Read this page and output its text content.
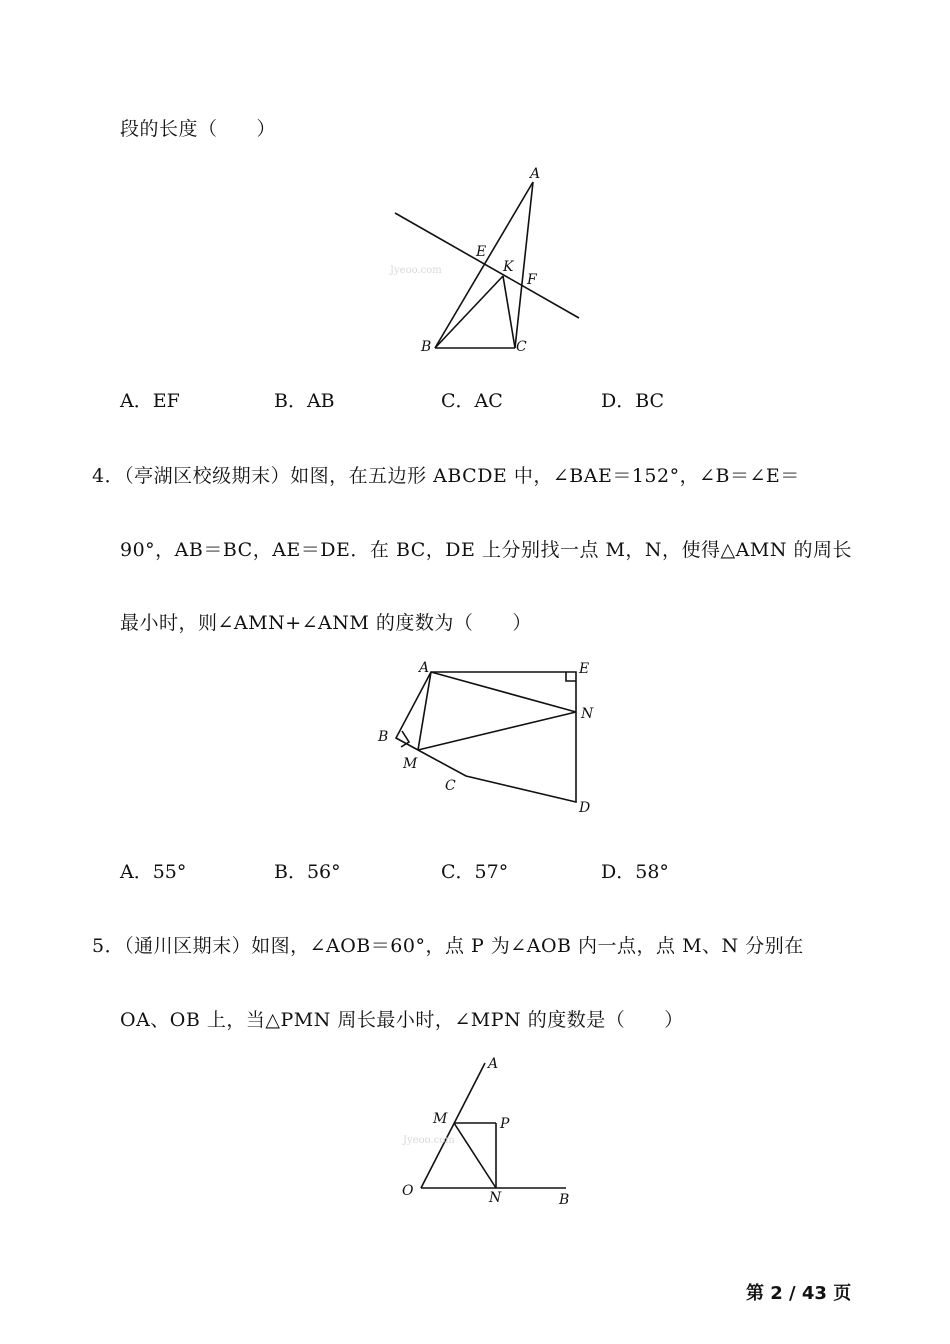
段的长度（　　）
Jyeoo.com
A
E
K
F
B	C
A．EF	B．AB	C．AC	D．BC
4．（亭湖区校级期末）如图，在五边形 ABCDE 中，∠BAE＝152°，∠B＝∠E＝
90°，AB＝BC，AE＝DE．在 BC，DE 上分别找一点 M，N，使得△AMN 的周长
最小时，则∠AMN+∠ANM 的度数为（　　）
A	E
N
B
M
C
D
A．55°	B．56°	C．57°	D．58°
5．（通川区期末）如图，∠AOB＝60°，点 P 为∠AOB 内一点，点 M、N 分别在
OA、OB 上，当△PMN 周长最小时，∠MPN 的度数是（　　）
Jyeoo.com
A
M	P
O	N	B
第 2 / 43 页
